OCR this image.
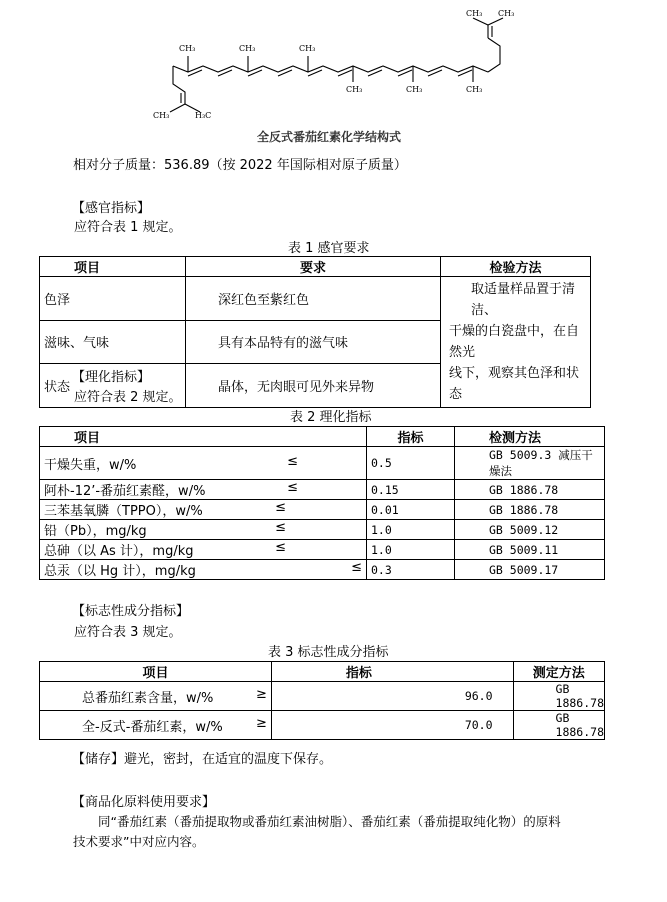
CH₃ CH₃
CH₃
CH₃
CH₃
CH₃
CH₃
CH₃
CH₃	H₃C
全反式番茄红素化学结构式
相对分子质量：536.89（按 2022 年国际相对原子质量）
【感官指标】
应符合表 1 规定。
表 1 感官要求
项目	要求	检验方法
色泽	深红色至紫红色	取适量样品置于清洁、
干燥的白瓷盘中，在自然光
线下，观察其色泽和状态

滋味、气味	具有本品特有的滋气味	
状态	晶体，无肉眼可见外来异物	
【理化指标】
应符合表 2 规定。
表 2 理化指标
项目	指标	检测方法
干燥失重，w/% ≤	0.5	GB 5009.3 减压干燥法
阿朴-12’-番茄红素醛，w/% ≤	0.15	GB 1886.78
三苯基氧膦（TPPO），w/% ≤	0.01	GB 1886.78
铅（Pb），mg/kg ≤	1.0	GB 5009.12
总砷（以 As 计），mg/kg ≤	1.0	GB 5009.11
总汞（以 Hg 计），mg/kg ≤	0.3	GB 5009.17
【标志性成分指标】
应符合表 3 规定。
表 3 标志性成分指标
项目	指标	测定方法
总番茄红素含量，w/% ≥	96.0	GB 1886.78
全-反式-番茄红素，w/% ≥	70.0	GB 1886.78
【储存】避光，密封，在适宜的温度下保存。
【商品化原料使用要求】
同“番茄红素（番茄提取物或番茄红素油树脂）、番茄红素（番茄提取纯化物）的原料
技术要求”中对应内容。
